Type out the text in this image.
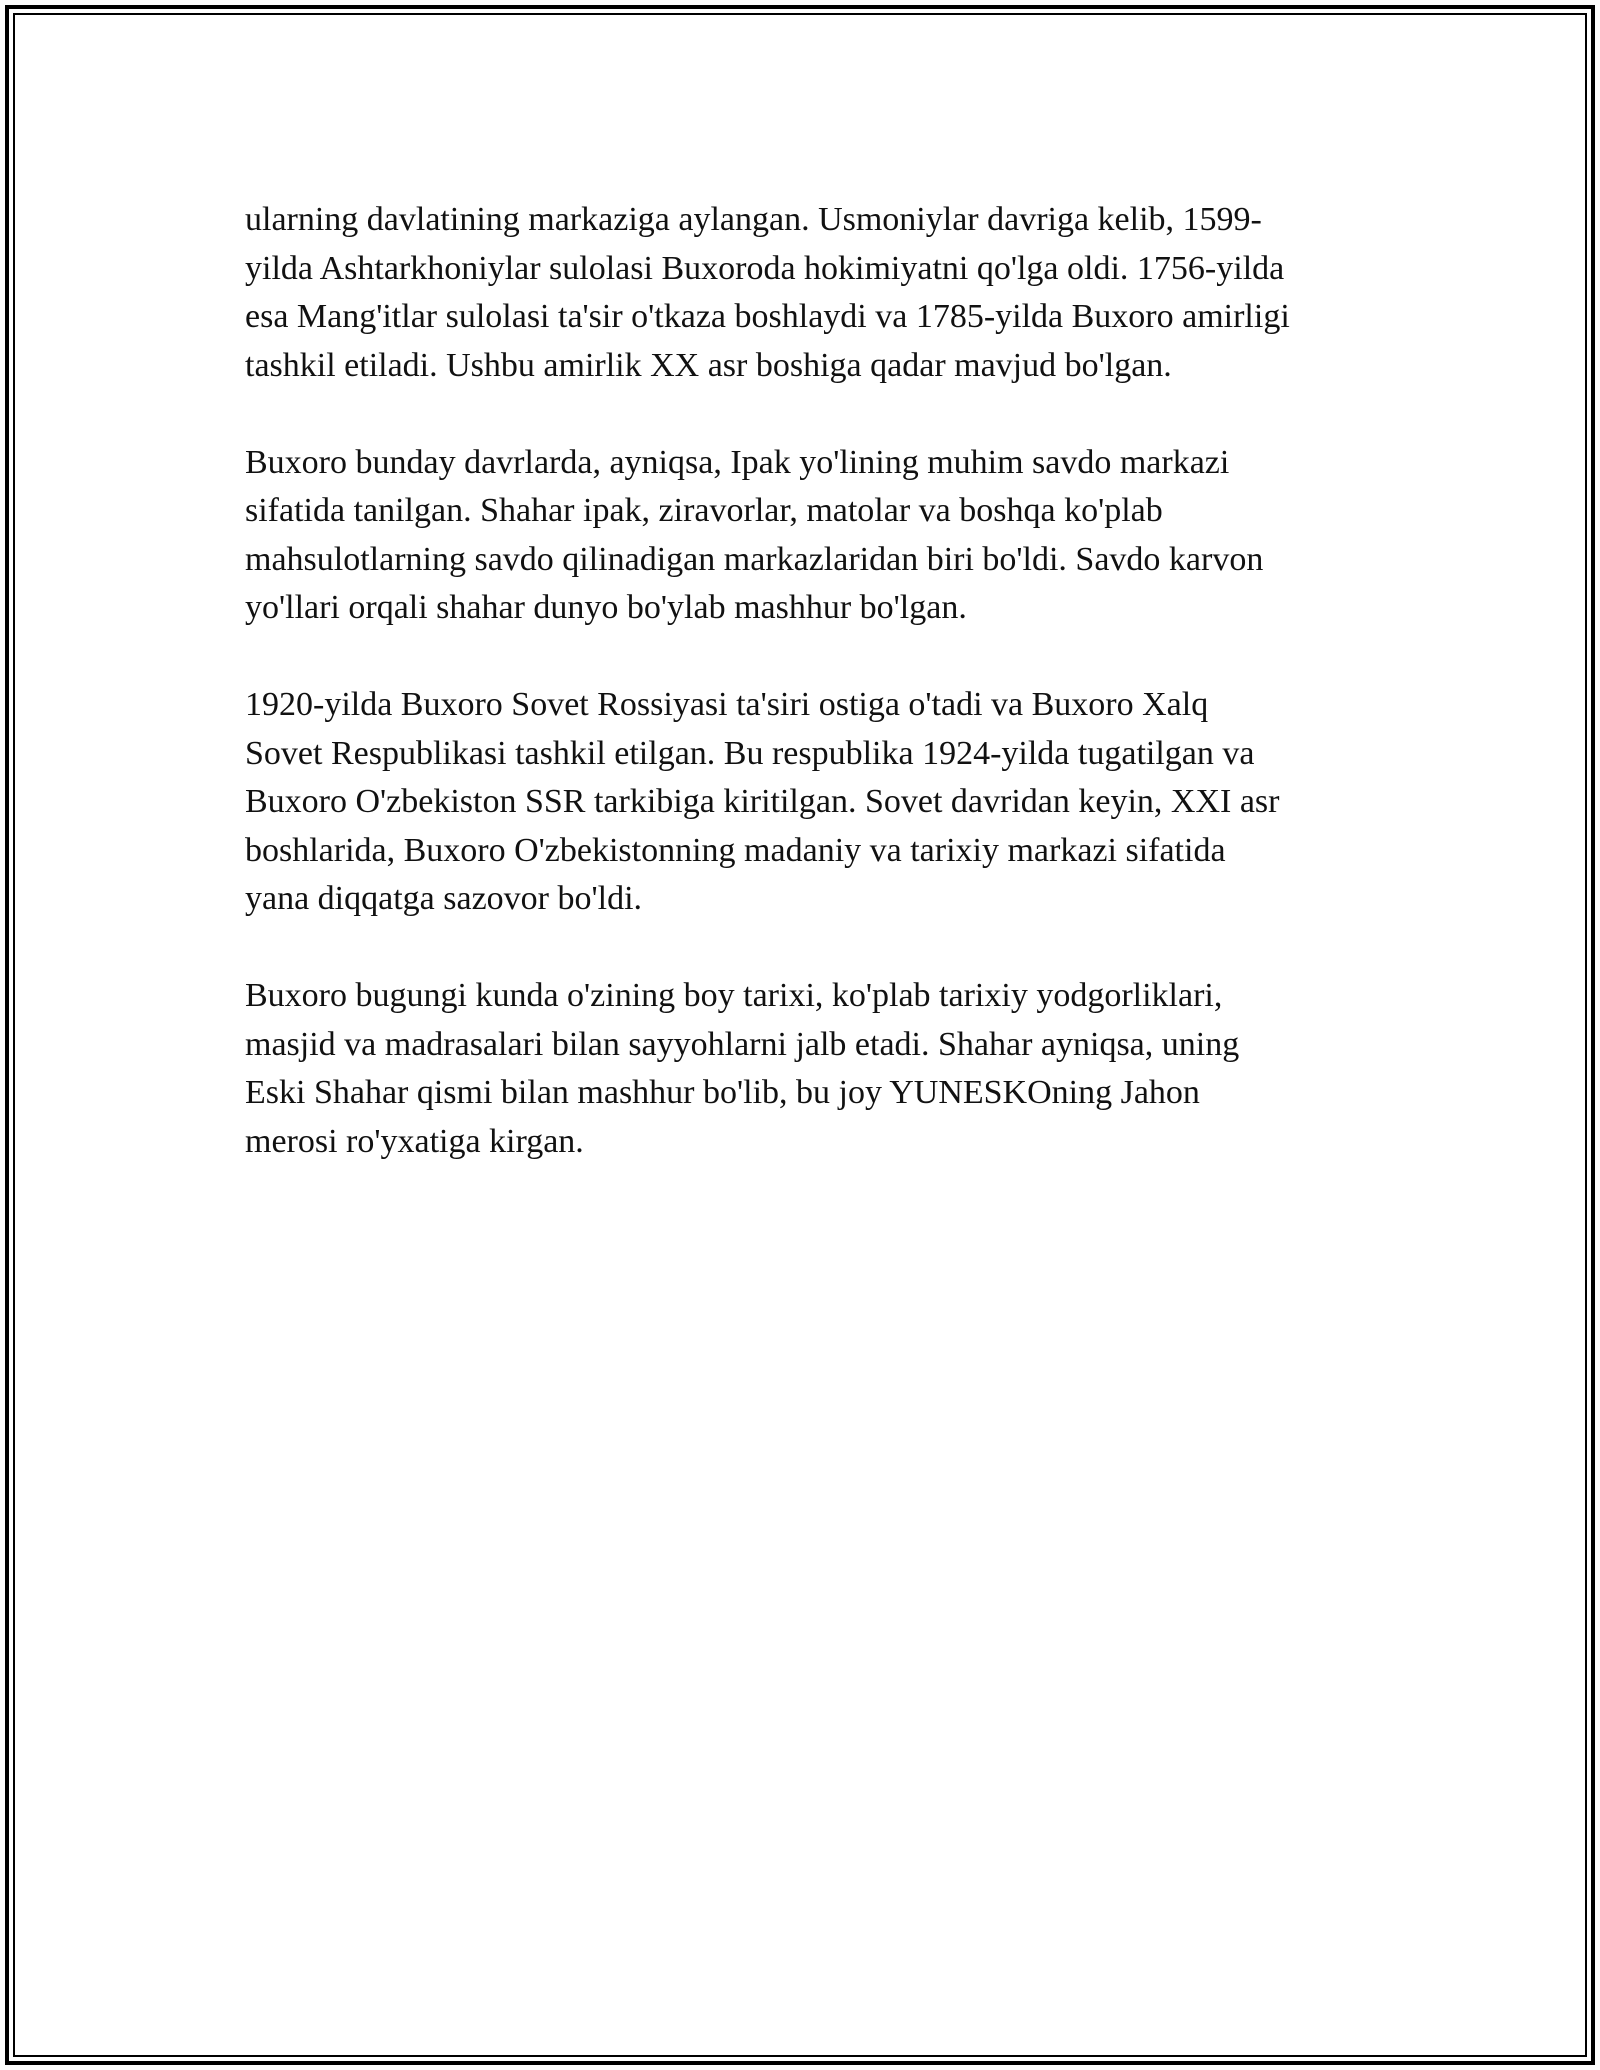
ularning davlatining markaziga aylangan. Usmoniylar davriga kelib, 1599-
yilda Ashtarkhoniylar sulolasi Buxoroda hokimiyatni qo'lga oldi. 1756-yilda
esa Mang'itlar sulolasi ta'sir o'tkaza boshlaydi va 1785-yilda Buxoro amirligi
tashkil etiladi. Ushbu amirlik XX asr boshiga qadar mavjud bo'lgan.

Buxoro bunday davrlarda, ayniqsa, Ipak yo'lining muhim savdo markazi
sifatida tanilgan. Shahar ipak, ziravorlar, matolar va boshqa ko'plab
mahsulotlarning savdo qilinadigan markazlaridan biri bo'ldi. Savdo karvon
yo'llari orqali shahar dunyo bo'ylab mashhur bo'lgan.

1920-yilda Buxoro Sovet Rossiyasi ta'siri ostiga o'tadi va Buxoro Xalq
Sovet Respublikasi tashkil etilgan. Bu respublika 1924-yilda tugatilgan va
Buxoro O'zbekiston SSR tarkibiga kiritilgan. Sovet davridan keyin, XXI asr
boshlarida, Buxoro O'zbekistonning madaniy va tarixiy markazi sifatida
yana diqqatga sazovor bo'ldi.

Buxoro bugungi kunda o'zining boy tarixi, ko'plab tarixiy yodgorliklari,
masjid va madrasalari bilan sayyohlarni jalb etadi. Shahar ayniqsa, uning
Eski Shahar qismi bilan mashhur bo'lib, bu joy YUNESKOning Jahon
merosi ro'yxatiga kirgan.
